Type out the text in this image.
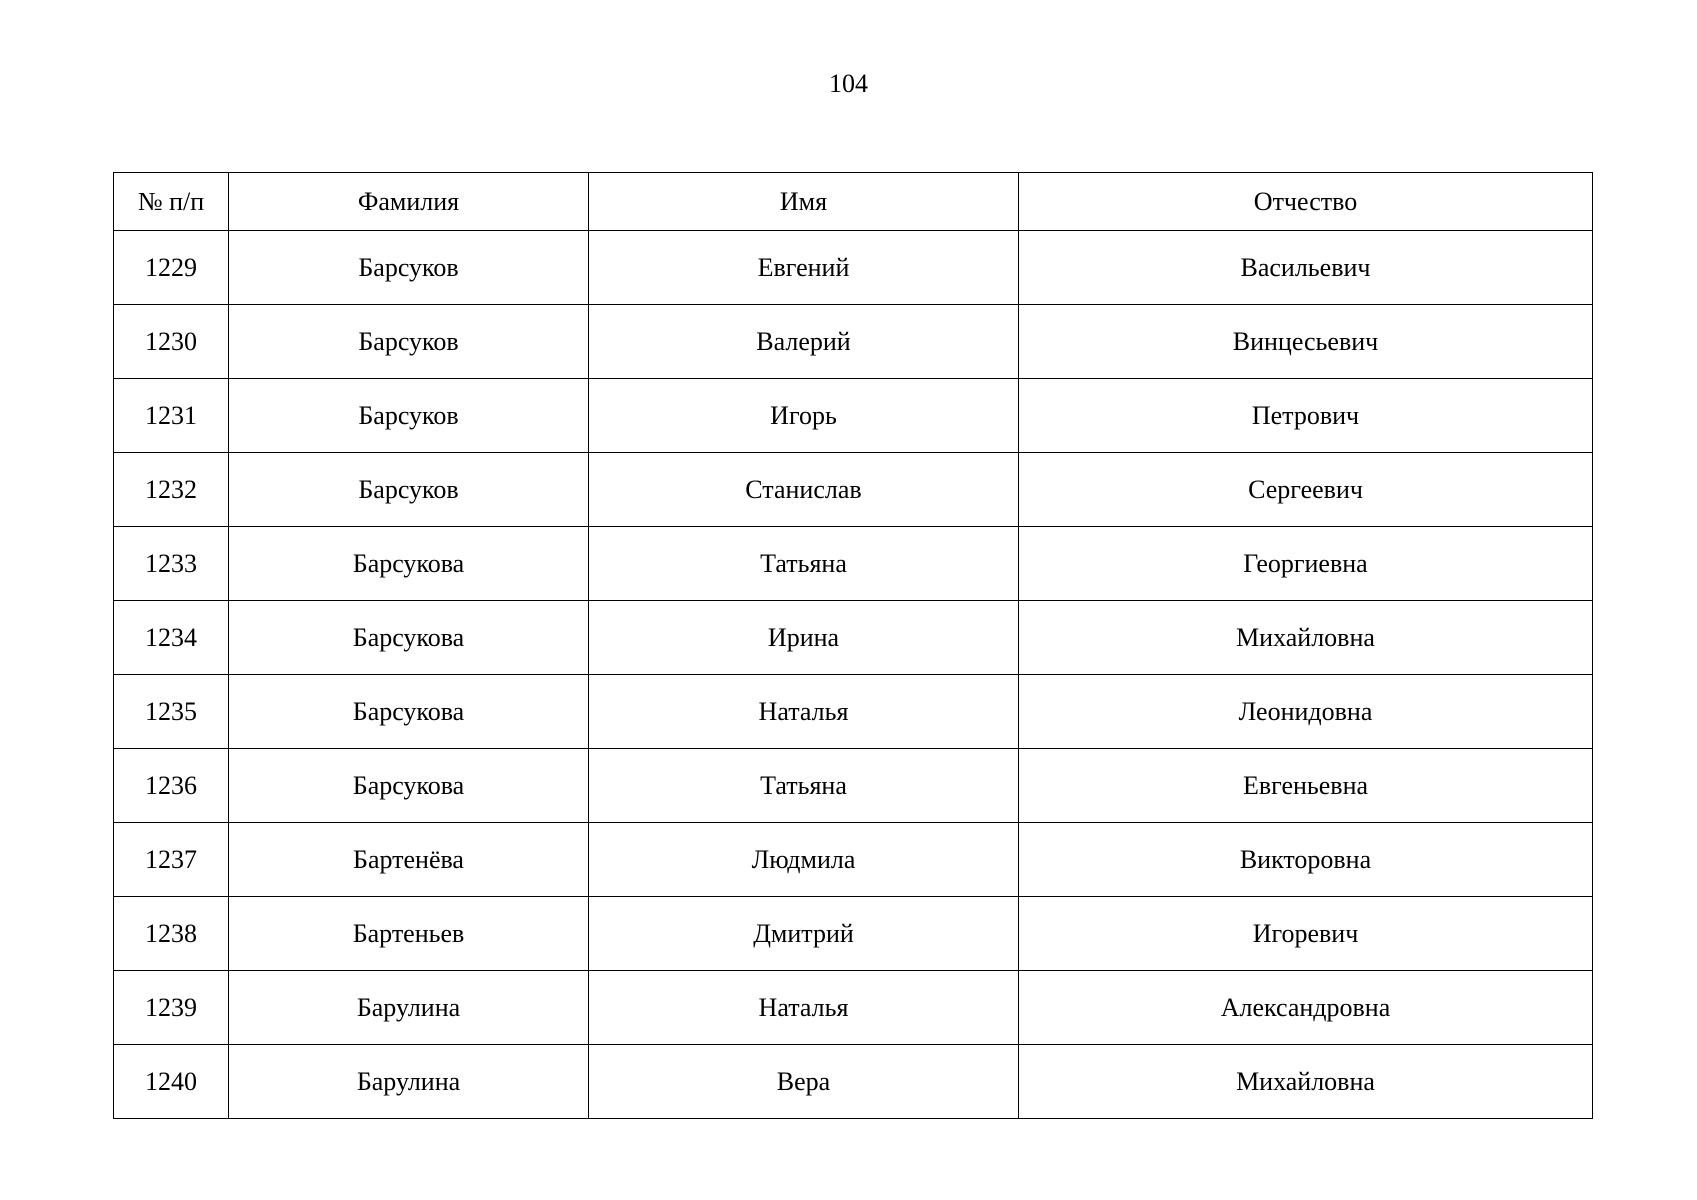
104
№ п/п	Фамилия	Имя	Отчество
1229	Барсуков	Евгений	Васильевич
1230	Барсуков	Валерий	Винцесьевич
1231	Барсуков	Игорь	Петрович
1232	Барсуков	Станислав	Сергеевич
1233	Барсукова	Татьяна	Георгиевна
1234	Барсукова	Ирина	Михайловна
1235	Барсукова	Наталья	Леонидовна
1236	Барсукова	Татьяна	Евгеньевна
1237	Бартенёва	Людмила	Викторовна
1238	Бартеньев	Дмитрий	Игоревич
1239	Барулина	Наталья	Александровна
1240	Барулина	Вера	Михайловна
